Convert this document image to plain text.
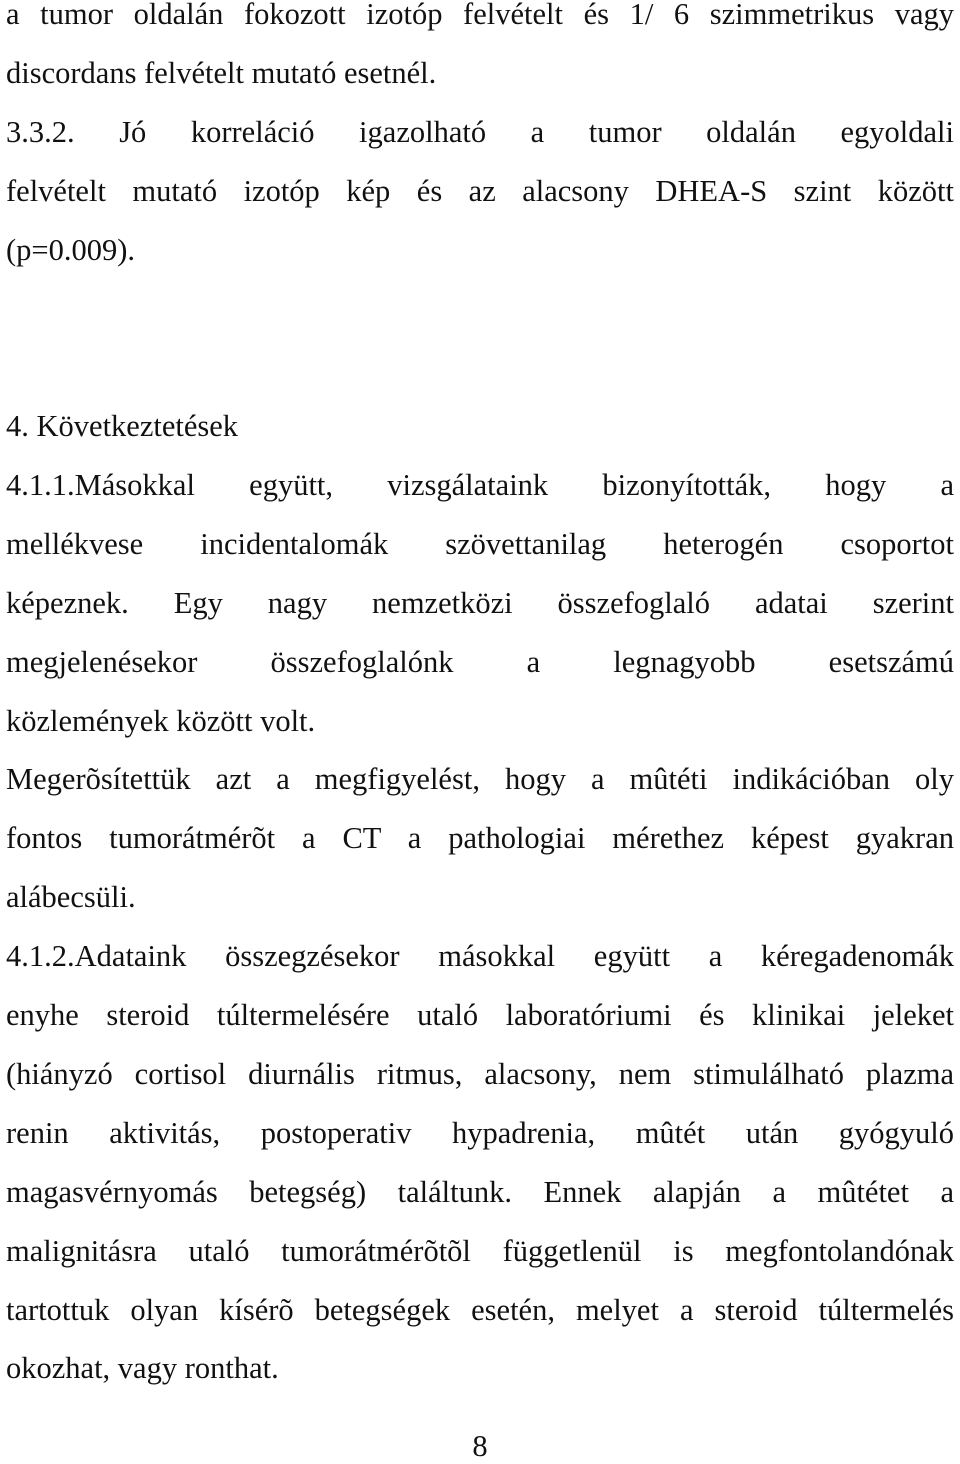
a tumor oldalán fokozott izotóp felvételt és 1/ 6 szimmetrikus vagy
discordans felvételt mutató esetnél.
3.3.2. Jó korreláció igazolható a tumor oldalán egyoldali
felvételt mutató izotóp kép és az alacsony DHEA-S szint között
(p=0.009).
4. Következtetések
4.1.1.Másokkal együtt, vizsgálataink bizonyították, hogy a
mellékvese incidentalomák szövettanilag heterogén csoportot
képeznek. Egy nagy nemzetközi összefoglaló adatai szerint
megjelenésekor összefoglalónk a legnagyobb esetszámú
közlemények között volt.
Megerõsítettük azt a megfigyelést, hogy a mûtéti indikációban oly
fontos tumorátmérõt a CT a pathologiai mérethez képest gyakran
alábecsüli.
4.1.2.Adataink összegzésekor másokkal együtt a kéregadenomák
enyhe steroid túltermelésére utaló laboratóriumi és klinikai jeleket
(hiányzó cortisol diurnális ritmus, alacsony, nem stimulálható plazma
renin aktivitás, postoperativ hypadrenia, mûtét után gyógyuló
magasvérnyomás betegség) találtunk. Ennek alapján a mûtétet a
malignitásra utaló tumorátmérõtõl függetlenül is megfontolandónak
tartottuk olyan kísérõ betegségek esetén, melyet a steroid túltermelés
okozhat, vagy ronthat.
8
